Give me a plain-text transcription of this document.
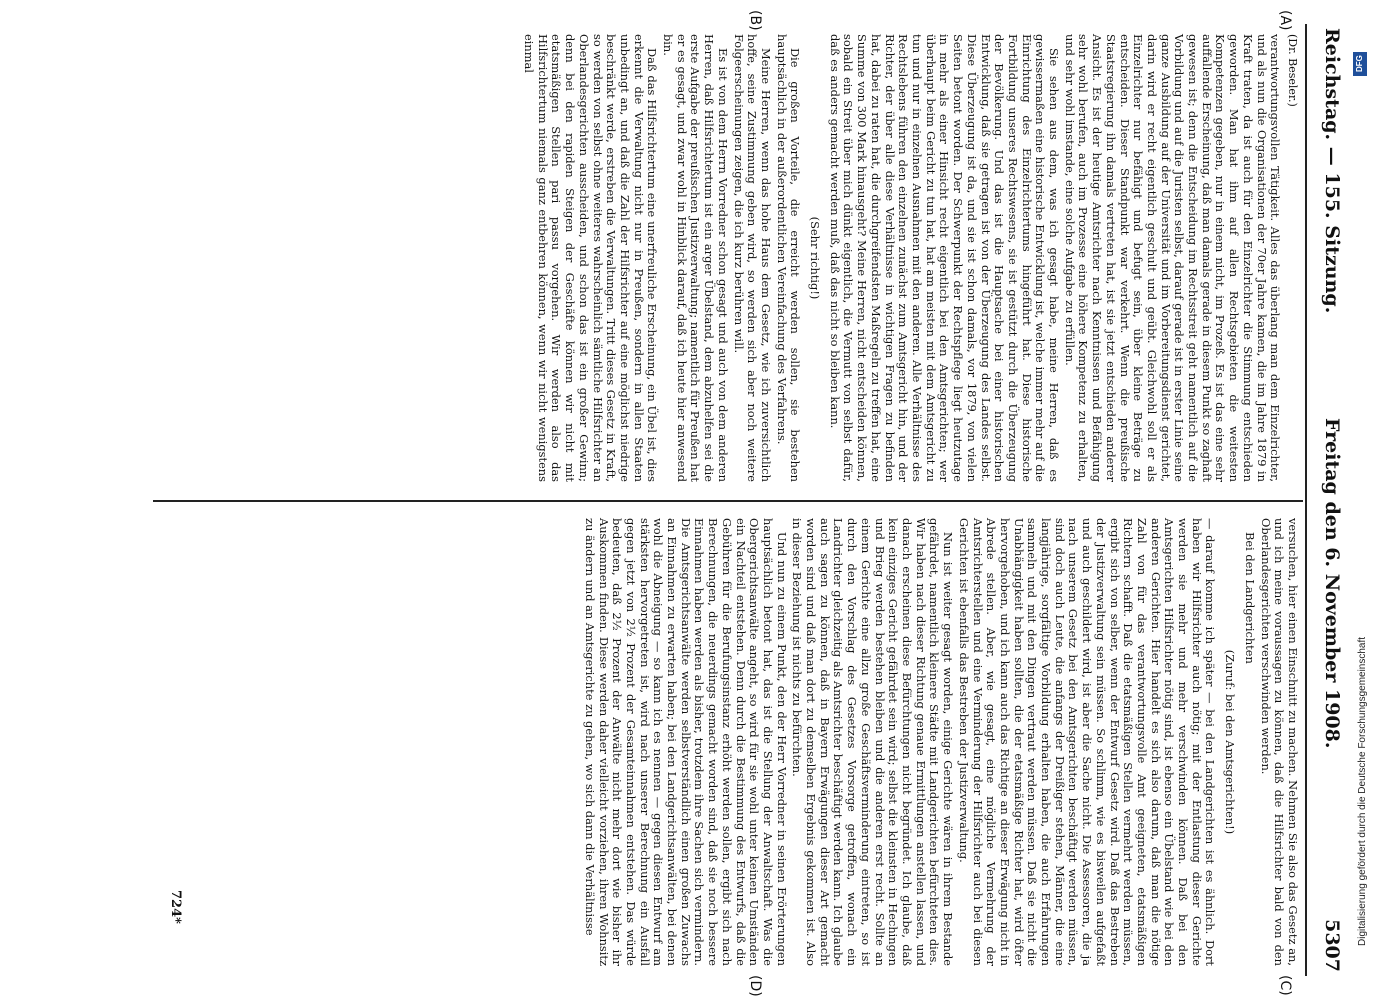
Reichstag. — 155. Sitzung.
Freitag den 6. November 1908.
5307
(A)
(B)
(C)
(D)
(Dr. Beseler.)

verantwortungsvollen Tätigkeit. Alles das überlang man dem Einzelrichter, und als nun die Organisationen der 70er Jahre kamen, die im Jahre 1879 in Kraft traten, da ist auch für den Einzelrichter die Stimmung entschieden geworden. Man hat ihm auf allen Rechtsgebieten die weitesten Kompetenzen gegeben, nur in einem nicht, im Prozeß. Es ist das eine sehr auffallende Erscheinung, daß man damals gerade in diesem Punkt so zaghaft gewesen ist; denn die Entscheidung im Rechtsstreit geht namentlich auf die Vorbildung und auf die Juristen selbst, darauf gerade ist in erster Linie seine ganze Ausbildung auf der Universität und im Vorbereitungsdienst gerichtet, darin wird er recht eigentlich geschult und geübt. Gleichwohl soll er als Einzelrichter nur befähigt und befugt sein, über kleine Beträge zu entscheiden. Dieser Standpunkt war verkehrt. Wenn die preußische Staatsregierung ihn damals vertreten hat, ist sie jetzt entschieden anderer Ansicht. Es ist der heutige Amtsrichter nach Kenntnissen und Befähigung sehr wohl berufen, auch im Prozesse eine höhere Kompetenz zu erhalten, und sehr wohl imstande, eine solche Aufgabe zu erfüllen.

Sie sehen aus dem, was ich gesagt habe, meine Herren, daß es gewissermaßen eine historische Entwicklung ist, welche immer mehr auf die Einrichtung des Einzelrichtertums hingeführt hat. Diese historische Fortbildung unseres Rechtswesens, sie ist gestützt durch die Überzeugung der Bevölkerung. Und das ist die Hauptsache bei einer historischen Entwicklung, daß sie getragen ist von der Überzeugung des Landes selbst. Diese Überzeugung ist da, und sie ist schon damals, vor 1879, von vielen Seiten betont worden. Der Schwerpunkt der Rechtspflege liegt heutzutage in mehr als einer Hinsicht recht eigentlich bei den Amtsgerichten; wer überhaupt beim Gericht zu tun hat, hat am meisten mit dem Amtsgericht zu tun und nur in einzelnen Ausnahmen mit den anderen. Alle Verhältnisse des Rechtslebens führen den einzelnen zunächst zum Amtsgericht hin, und der Richter, der über alle diese Verhältnisse in wichtigen Fragen zu befinden hat, dabei zu raten hat, die durchgreifendsten Maßregeln zu treffen hat, eine Summe von 300 Mark hinausgeht? Meine Herren, nicht entscheiden können, sobald ein Streit über mich dünkt eigentlich, die Vermutt von selbst dafür, daß es anders gemacht werden muß, daß das nicht so bleiben kann.

(Sehr richtig!)

Die großen Vorteile, die erreicht werden sollen, sie bestehen hauptsächlich in der außerordentlichen Vereinfachung des Verfahrens.

Meine Herren, wenn das hohe Haus dem Gesetz, wie ich zuversichtlich hoffe, seine Zustimmung geben wird, so werden sich aber noch weitere Folgeerscheinungen zeigen, die ich kurz berühren will.

Es ist von dem Herrn Vorredner schon gesagt und auch von dem anderen Herren, daß Hilfsrichtertum ist ein arger Übelstand, dem abzuhelfen sei die erste Aufgabe der preußischen Justizverwaltung; namentlich für Preußen hat er es gesagt, und zwar wohl in Hinblick darauf, daß ich heute hier anwesend bin.

Daß das Hilfsrichtertum eine unerfreuliche Erscheinung, ein Übel ist, dies erkennt die Verwaltung nicht nur in Preußen, sondern in allen Staaten unbedingt an, und daß die Zahl der Hilfsrichter auf eine möglichst niedrige beschränkt werde, erstreben die Verwaltungen. Tritt dieses Gesetz in Kraft, so werden von selbst ohne weiteres wahrscheinlich sämtliche Hilfsrichter an Oberlandesgerichten ausscheiden, und schon das ist ein großer Gewinn; denn bei den rapiden Steigen der Geschäfte können wir nicht mit etatsmäßigen Stellen pari passu vorgehen. Wir werden also das Hilfsrichtertum niemals ganz entbehren können, wenn wir nicht wenigstens einmal

versuchen, hier einen Einschnitt zu machen. Nehmen Sie also das Gesetz an, und ich meine voraussagen zu können, daß die Hilfsrichter bald von den Oberlandesgerichten verschwinden werden.

Bei den Landgerichten

(Zuruf: bei den Amtsgerichten!)

— darauf komme ich später — bei den Landgerichten ist es ähnlich. Dort haben wir Hilfsrichter auch nötig; mit der Entlastung dieser Gerichte werden sie mehr und mehr verschwinden können. Daß bei den Amtsgerichten Hilfsrichter nötig sind, ist ebenso ein Übelstand wie bei den anderen Gerichten. Hier handelt es sich also darum, daß man die nötige Zahl von für das verantwortungsvolle Amt geeigneten, etatsmäßigen Richtern schafft. Daß die etatsmäßigen Stellen vermehrt werden müssen, ergibt sich von selber, wenn der Entwurf Gesetz wird. Daß das Bestreben der Justizverwaltung sein müssen. So schlimm, wie es bisweilen aufgefaßt und auch geschildert wird, ist aber die Sache nicht. Die Assessoren, die ja nach unserem Gesetz bei den Amtsgerichten beschäftigt werden müssen, sind doch auch Leute, die anfangs der Dreißiger stehen, Männer, die eine langjährige, sorgfältige Vorbildung erhalten haben, die auch Erfahrungen sammeln und mit den Dingen vertraut werden müssen. Daß sie nicht die Unabhängigkeit haben sollten, die der etatsmäßige Richter hat, wird öfter hervorgehoben, und ich kann auch das Richtige an dieser Erwägung nicht in Abrede stellen. Aber, wie gesagt, eine mögliche Vermehrung der Amtsrichterstellen und eine Verminderung der Hilfsrichter auch bei diesen Gerichten ist ebenfalls das Bestreben der Justizverwaltung.

Nun ist weiter gesagt worden, einige Gerichte wären in ihrem Bestande gefährdet, namentlich kleinere Städte mit Landgerichten befürchteten dies. Wir haben nach dieser Richtung genaue Ermittlungen anstellen lassen, und danach erscheinen diese Befürchtungen nicht begründet. Ich glaube, daß kein einziges Gericht gefährdet sein wird; selbst die kleinsten in Hechingen und Brieg werden bestehen bleiben und die anderen erst recht. Sollte an einem Gerichte eine allzu große Geschäftsverminderung eintreten, so ist durch den Vorschlag des Gesetzes Vorsorge getroffen, wonach ein Landrichter gleichzeitig als Amtsrichter beschäftigt werden kann. Ich glaube auch sagen zu können, daß in Bayern Erwägungen dieser Art gemacht worden sind und daß man dort zu demselben Ergebnis gekommen ist. Also in dieser Beziehung ist nichts zu befürchten.

Und nun zu einem Punkt, den der Herr Vorredner in seinen Erörterungen hauptsächlich betont hat, das ist die Stellung der Anwaltschaft. Was die Obergerichtsanwälte angeht, so wird für sie wohl unter keinen Umständen ein Nachteil entstehen. Denn durch die Bestimmung des Entwurfs, daß die Gebühren für die Berufungsinstanz erhöht werden sollen, ergibt sich nach Berechnungen, die neuerdings gemacht worden sind, daß sie noch bessere Einnahmen haben werden als bisher, trotzdem ihre Sachen sich vermindern. Die Amtsgerichtsanwälte werden selbstverständlich einen großen Zuwachs an Einnahmen zu erwarten haben; bei den Landgerichtsanwälten, bei denen wohl die Abneigung — so kann ich es nennen — gegen diesen Entwurf am stärksten hervorgetreten ist, wird nach unserer Berechnung ein Ausfall gegen jetzt von 2½ Prozent der Gesamteinnahmen entstehen. Das würde bedeuten, daß 2½ Prozent der Anwälte nicht mehr dort wie bisher ihr Auskommen finden. Diese werden daher vielleicht vorziehen, ihren Wohnsitz zu ändern und an Amtsgerichte zu gehen, wo sich dann die Verhältnisse

724*
DFG
Digitalisierung gefördert durch die Deutsche Forschungsgemeinschaft
